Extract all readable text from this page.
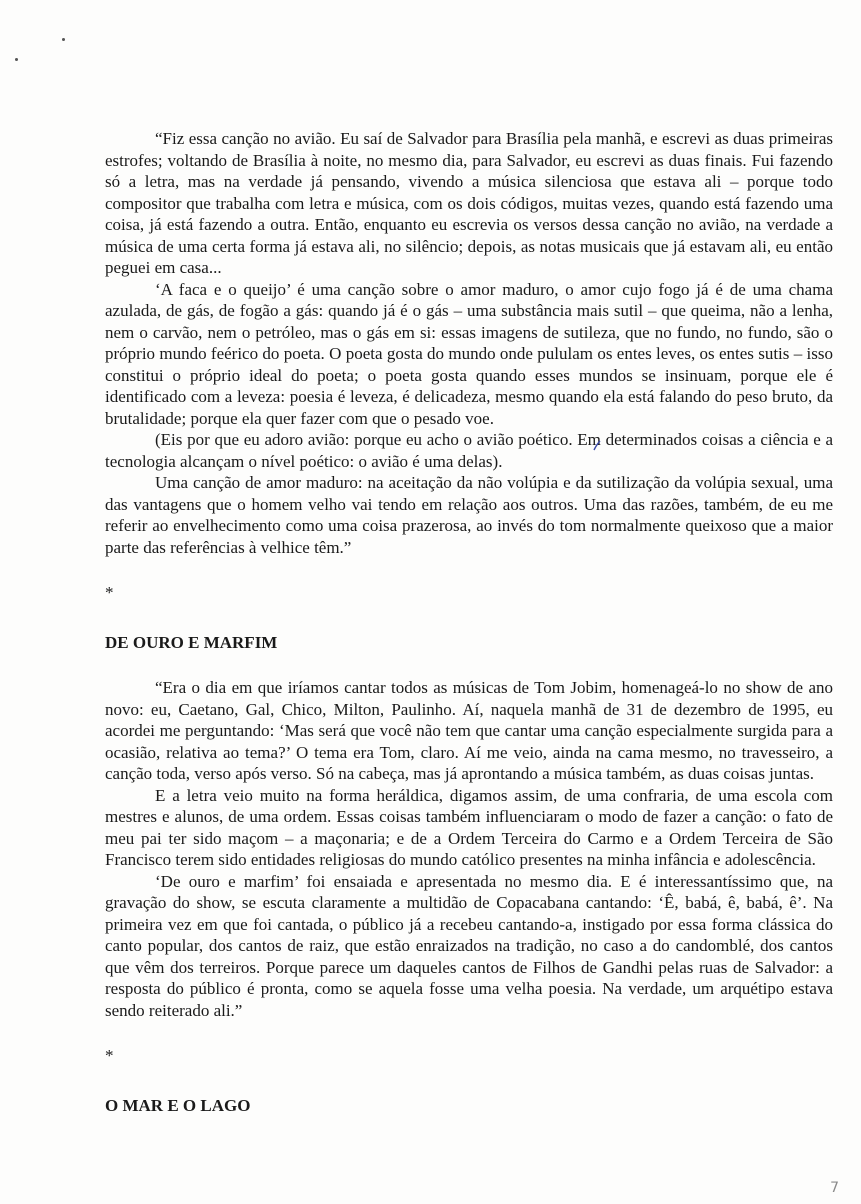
“Fiz essa canção no avião. Eu saí de Salvador para Brasília pela manhã, e escrevi as duas primeiras estrofes; voltando de Brasília à noite, no mesmo dia, para Salvador, eu escrevi as duas finais. Fui fazendo só a letra, mas na verdade já pensando, vivendo a música silenciosa que estava ali – porque todo compositor que trabalha com letra e música, com os dois códigos, muitas vezes, quando está fazendo uma coisa, já está fazendo a outra. Então, enquanto eu escrevia os versos dessa canção no avião, na verdade a música de uma certa forma já estava ali, no silêncio; depois, as notas musicais que já estavam ali, eu então peguei em casa...

‘A faca e o queijo’ é uma canção sobre o amor maduro, o amor cujo fogo já é de uma chama azulada, de gás, de fogão a gás: quando já é o gás – uma substância mais sutil – que queima, não a lenha, nem o carvão, nem o petróleo, mas o gás em si: essas imagens de sutileza, que no fundo, no fundo, são o próprio mundo feérico do poeta. O poeta gosta do mundo onde pululam os entes leves, os entes sutis – isso constitui o próprio ideal do poeta; o poeta gosta quando esses mundos se insinuam, porque ele é identificado com a leveza: poesia é leveza, é delicadeza, mesmo quando ela está falando do peso bruto, da brutalidade; porque ela quer fazer com que o pesado voe.

(Eis por que eu adoro avião: porque eu acho o avião poético. Em determinados coisas a ciência e a tecnologia alcançam o nível poético: o avião é uma delas).

Uma canção de amor maduro: na aceitação da não volúpia e da sutilização da volúpia sexual, uma das vantagens que o homem velho vai tendo em relação aos outros. Uma das razões, também, de eu me referir ao envelhecimento como uma coisa prazerosa, ao invés do tom normalmente queixoso que a maior parte das referências à velhice têm.”

*

DE OURO E MARFIM

“Era o dia em que iríamos cantar todos as músicas de Tom Jobim, homenageá-lo no show de ano novo: eu, Caetano, Gal, Chico, Milton, Paulinho. Aí, naquela manhã de 31 de dezembro de 1995, eu acordei me perguntando: ‘Mas será que você não tem que cantar uma canção especialmente surgida para a ocasião, relativa ao tema?’ O tema era Tom, claro. Aí me veio, ainda na cama mesmo, no travesseiro, a canção toda, verso após verso. Só na cabeça, mas já aprontando a música também, as duas coisas juntas.

E a letra veio muito na forma heráldica, digamos assim, de uma confraria, de uma escola com mestres e alunos, de uma ordem. Essas coisas também influenciaram o modo de fazer a canção: o fato de meu pai ter sido maçom – a maçonaria; e de a Ordem Terceira do Carmo e a Ordem Terceira de São Francisco terem sido entidades religiosas do mundo católico presentes na minha infância e adolescência.

‘De ouro e marfim’ foi ensaiada e apresentada no mesmo dia. E é interessantíssimo que, na gravação do show, se escuta claramente a multidão de Copacabana cantando: ‘Ê, babá, ê, babá, ê’. Na primeira vez em que foi cantada, o público já a recebeu cantando-a, instigado por essa forma clássica do canto popular, dos cantos de raiz, que estão enraizados na tradição, no caso a do candomblé, dos cantos que vêm dos terreiros. Porque parece um daqueles cantos de Filhos de Gandhi pelas ruas de Salvador: a resposta do público é pronta, como se aquela fosse uma velha poesia. Na verdade, um arquétipo estava sendo reiterado ali.”

*

O MAR E O LAGO

7
